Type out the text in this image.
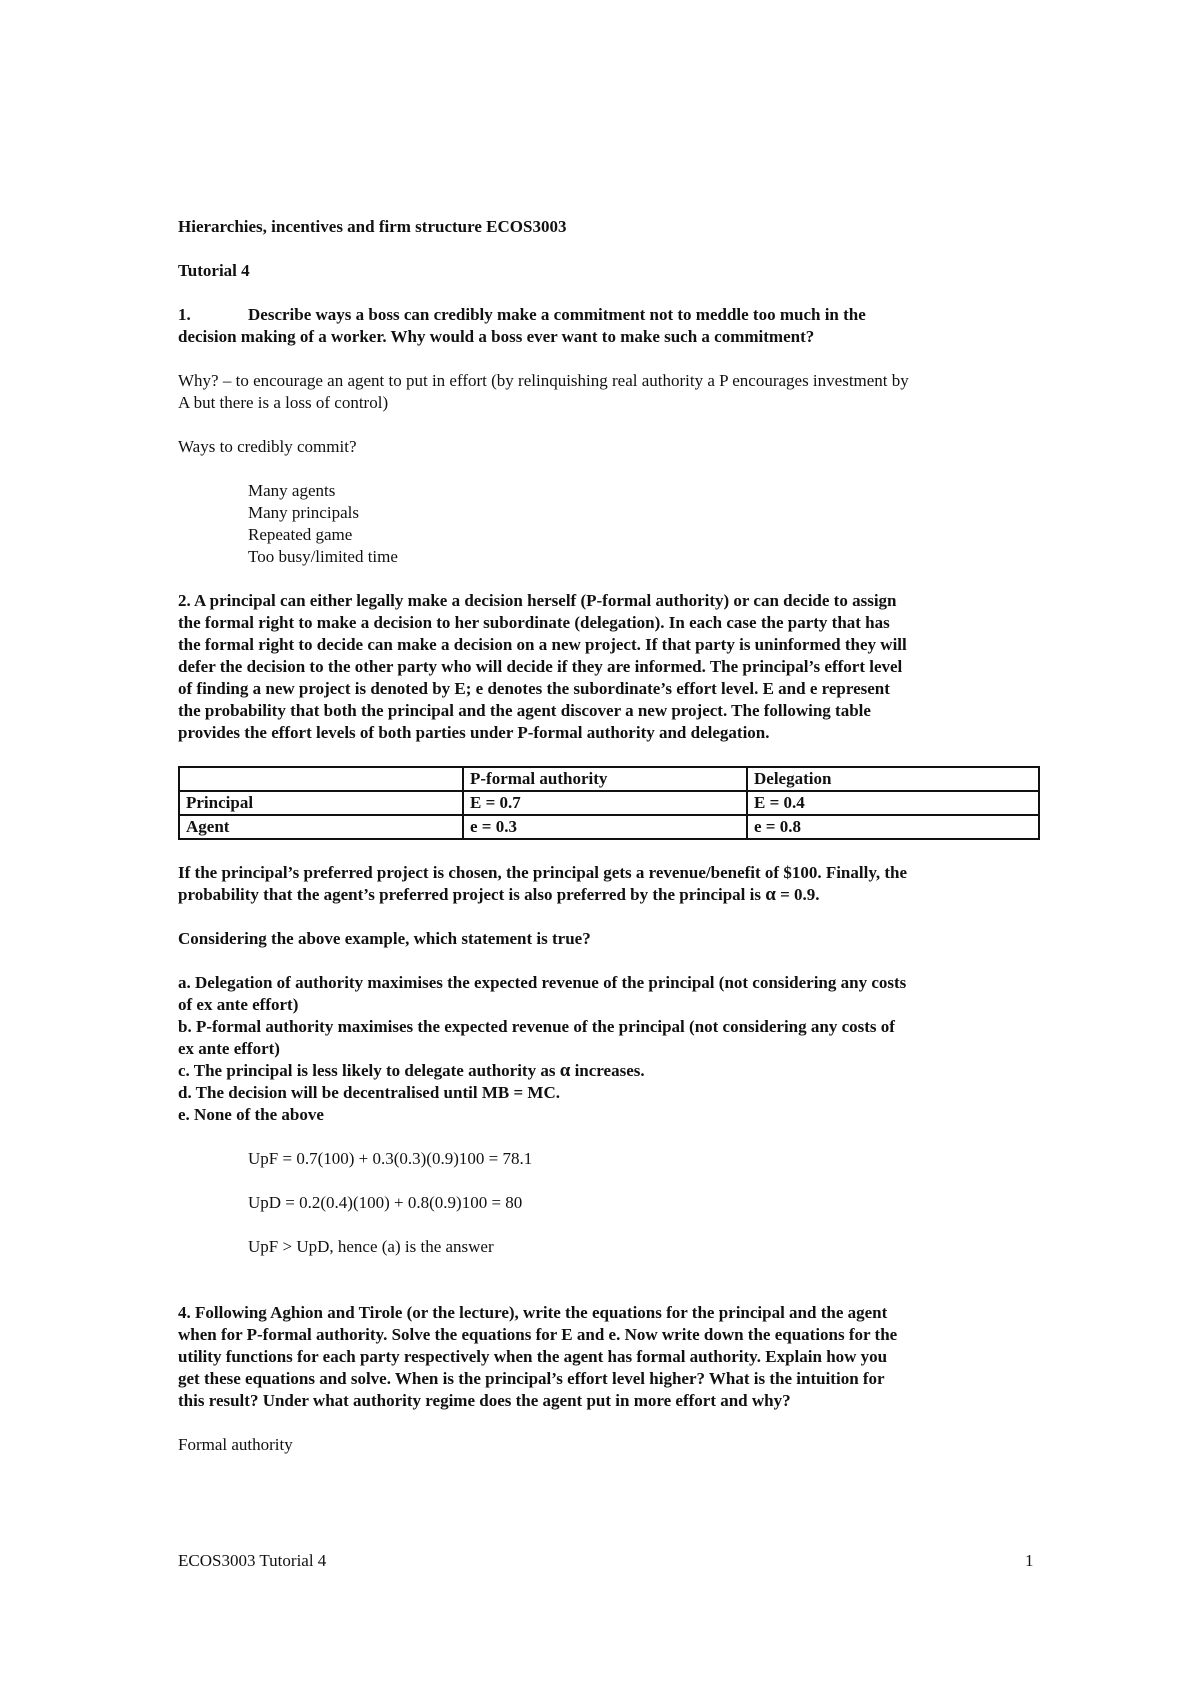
Hierarchies, incentives and firm structure ECOS3003

Tutorial 4

1.	Describe ways a boss can credibly make a commitment not to meddle too much in the

decision making of a worker. Why would a boss ever want to make such a commitment?

Why? – to encourage an agent to put in effort (by relinquishing real authority a P encourages investment by

A but there is a loss of control)

Ways to credibly commit?

Many agents

Many principals

Repeated game

Too busy/limited time

2. A principal can either legally make a decision herself (P-formal authority) or can decide to assign

the formal right to make a decision to her subordinate (delegation). In each case the party that has

the formal right to decide can make a decision on a new project. If that party is uninformed they will

defer the decision to the other party who will decide if they are informed. The principal’s effort level

of finding a new project is denoted by E; e denotes the subordinate’s effort level. E and e represent

the probability that both the principal and the agent discover a new project. The following table

provides the effort levels of both parties under P-formal authority and delegation.

	P-formal authority	Delegation
Principal	E = 0.7	E = 0.4
Agent	e = 0.3	e = 0.8

If the principal’s preferred project is chosen, the principal gets a revenue/benefit of $100. Finally, the

probability that the agent’s preferred project is also preferred by the principal is α = 0.9.

Considering the above example, which statement is true?

a. Delegation of authority maximises the expected revenue of the principal (not considering any costs

of ex ante effort)

b. P-formal authority maximises the expected revenue of the principal (not considering any costs of

ex ante effort)

c. The principal is less likely to delegate authority as α increases.

d. The decision will be decentralised until MB = MC.

e. None of the above

UpF = 0.7(100) + 0.3(0.3)(0.9)100 = 78.1

UpD = 0.2(0.4)(100) + 0.8(0.9)100 = 80

UpF > UpD, hence (a) is the answer

4. Following Aghion and Tirole (or the lecture), write the equations for the principal and the agent

when for P-formal authority. Solve the equations for E and e. Now write down the equations for the

utility functions for each party respectively when the agent has formal authority. Explain how you

get these equations and solve. When is the principal’s effort level higher? What is the intuition for

this result? Under what authority regime does the agent put in more effort and why?

Formal authority

ECOS3003 Tutorial 4	1
